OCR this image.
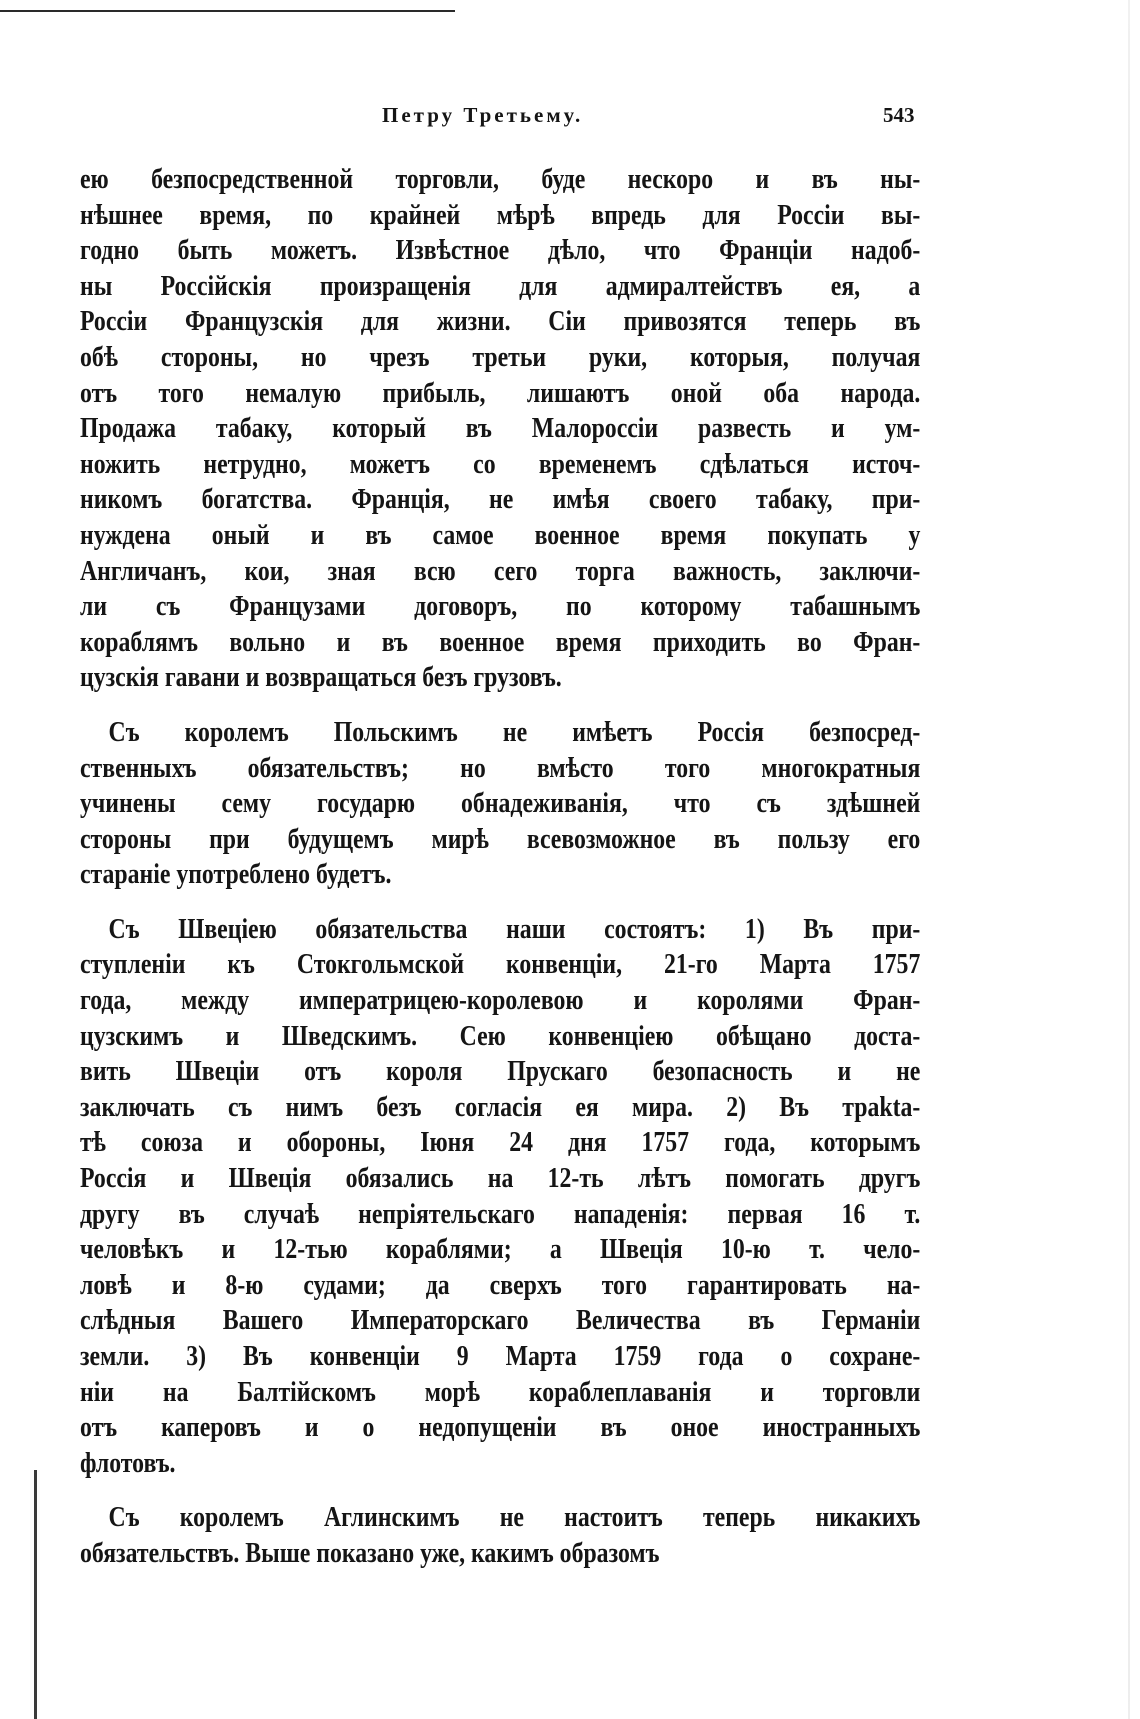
Петру Третьему.	543
ею безпосредственной торговли, буде нескоро и въ ны-
нѣшнее время, по крайней мѣрѣ впредь для Россіи вы-
годно быть можетъ. Извѣстное дѣло, что Франціи надоб-
ны Россійскія произращенія для адмиралтействъ ея, а
Россіи Французскія для жизни. Сіи привозятся теперь въ
обѣ стороны, но чрезъ третьи руки, которыя, получая
отъ того немалую прибыль, лишаютъ оной оба народа.
Продажа табаку, который въ Малороссіи развесть и ум-
ножить нетрудно, можетъ со временемъ сдѣлаться источ-
никомъ богатства. Франція, не имѣя своего табаку, при-
нуждена оный и въ самое военное время покупать у
Англичанъ, кои, зная всю сего торга важность, заключи-
ли съ Французами договоръ, по которому табашнымъ
кораблямъ вольно и въ военное время приходить во Фран-
цузскія гавани и возвращаться безъ грузовъ.
Съ королемъ Польскимъ не имѣетъ Россія безпосред-
ственныхъ обязательствъ; но вмѣсто того многократныя
учинены сему государю обнадеживанія, что съ здѣшней
стороны при будущемъ мирѣ всевозможное въ пользу его
стараніе употреблено будетъ.
Съ Швеціею обязательства наши состоятъ: 1) Въ при-
ступленіи къ Стокгольмской конвенціи, 21-го Марта 1757
года, между императрицею-королевою и королями Фран-
цузскимъ и Шведскимъ. Сею конвенціею обѣщано доста-
вить Швеціи отъ короля Прускаго безопасность и не
заключать съ нимъ безъ согласія ея мира. 2) Въ трakta-
тѣ союза и обороны, Іюня 24 дня 1757 года, которымъ
Россія и Швеція обязались на 12-ть лѣтъ помогать другъ
другу въ случаѣ непріятельскаго нападенія: первая 16 т.
человѣкъ и 12-тью кораблями; а Швеція 10-ю т. чело-
ловѣ и 8-ю судами; да сверхъ того гарантировать на-
слѣдныя Вашего Императорскаго Величества въ Германіи
земли. 3) Въ конвенціи 9 Марта 1759 года о сохране-
ніи на Балтійскомъ морѣ кораблеплаванія и торговли
отъ каперовъ и о недопущеніи въ оное иностранныхъ
флотовъ.
Съ королемъ Аглинскимъ не настоитъ теперь никакихъ
обязательствъ. Выше показано уже, какимъ образомъ
